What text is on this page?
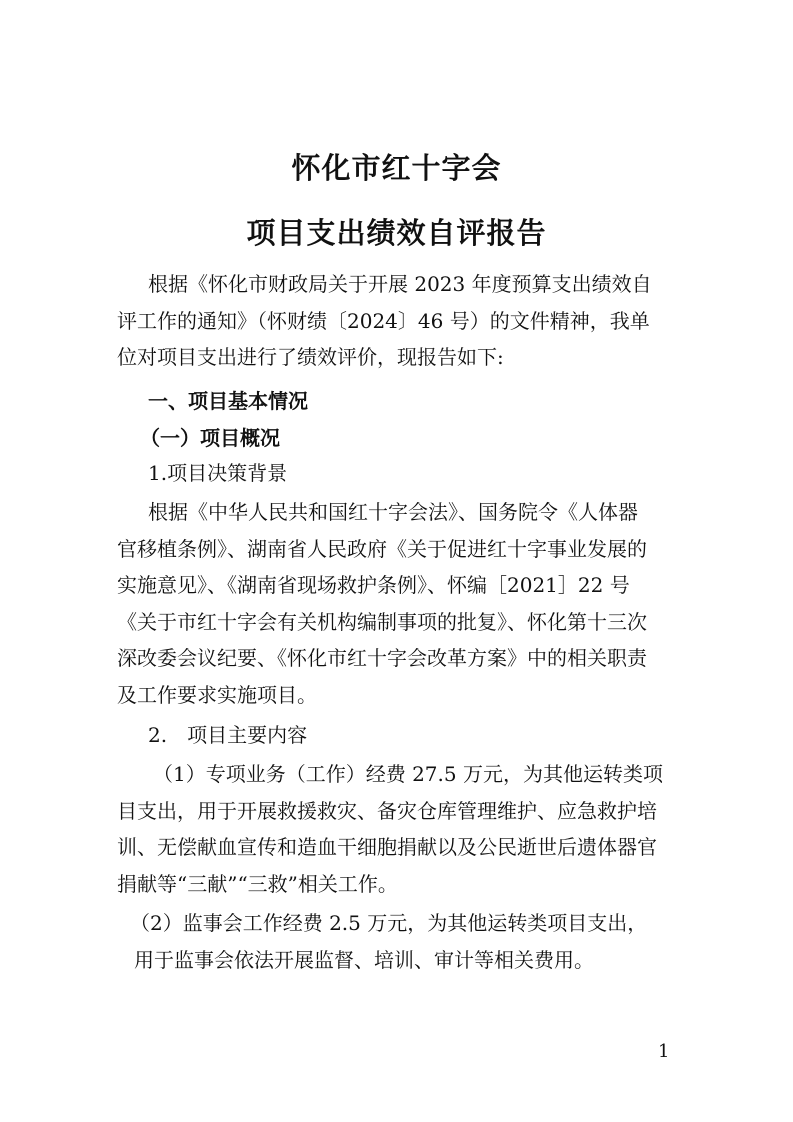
怀化市红十字会
项目支出绩效自评报告
根据《怀化市财政局关于开展 2023 年度预算支出绩效自
评工作的通知》（怀财绩〔2024〕46 号）的文件精神，我单
位对项目支出进行了绩效评价，现报告如下:
一、项目基本情况
（一）项目概况
1.项目决策背景
根据《中华人民共和国红十字会法》、国务院令《人体器
官移植条例》、湖南省人民政府《关于促进红十字事业发展的
实施意见》、《湖南省现场救护条例》、怀编［2021］22 号
《关于市红十字会有关机构编制事项的批复》、怀化第十三次
深改委会议纪要、《怀化市红十字会改革方案》中的相关职责
及工作要求实施项目。
2.　项目主要内容
（1）专项业务（工作）经费 27.5 万元，为其他运转类项
目支出，用于开展救援救灾、备灾仓库管理维护、应急救护培
训、无偿献血宣传和造血干细胞捐献以及公民逝世后遗体器官
捐献等“三献”“三救”相关工作。
（2）监事会工作经费 2.5 万元，为其他运转类项目支出，
用于监事会依法开展监督、培训、审计等相关费用。
1
